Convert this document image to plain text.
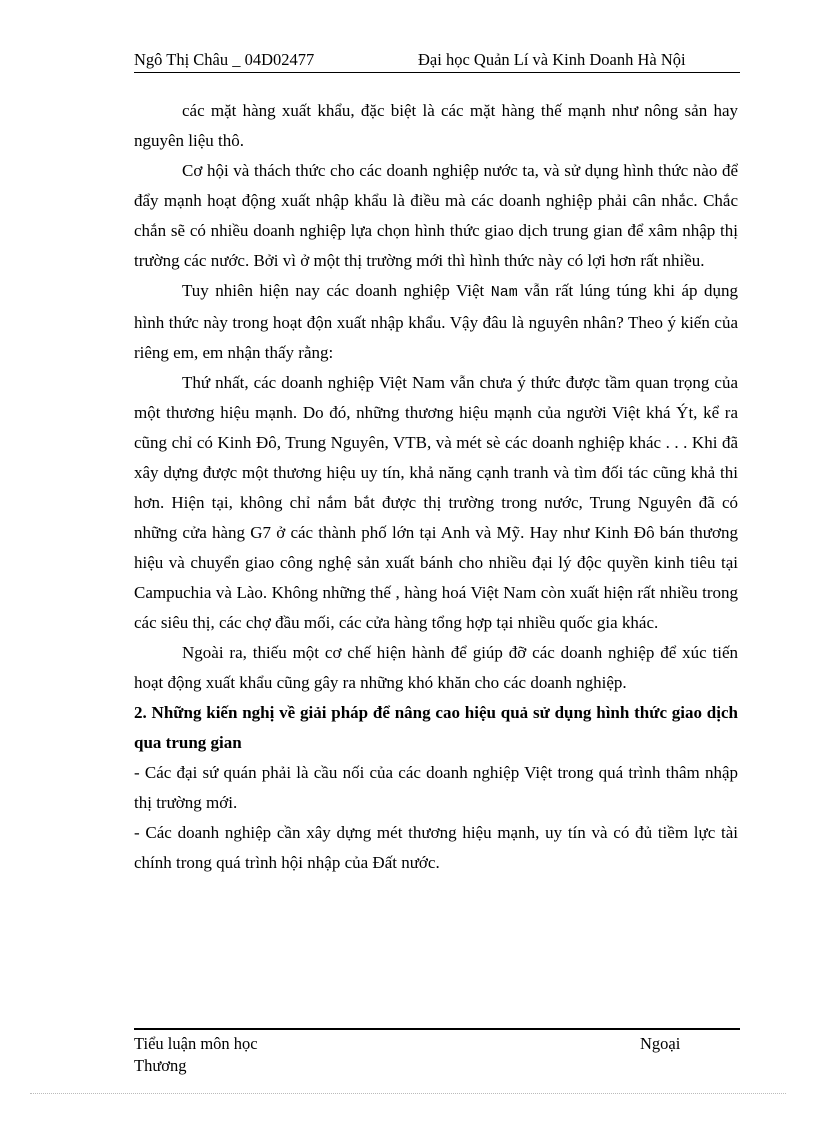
Ngô Thị Châu _ 04D02477	Đại học Quản Lí và Kinh Doanh Hà Nội

các mặt hàng xuất khẩu, đặc biệt là các mặt hàng thế mạnh như nông sản hay nguyên liệu thô.

Cơ hội và thách thức cho các doanh nghiệp nước ta, và sử dụng hình thức nào để đẩy mạnh hoạt động xuất nhập khẩu là điều mà các doanh nghiệp phải cân nhắc. Chắc chắn sẽ có nhiều doanh nghiệp lựa chọn hình thức giao dịch trung gian để xâm nhập thị trường các nước. Bởi vì ở một thị trường mới thì hình thức này có lợi hơn rất nhiều.

Tuy nhiên hiện nay các doanh nghiệp Việt Nam vẫn rất lúng túng khi áp dụng hình thức này trong hoạt độn xuất nhập khẩu. Vậy đâu là nguyên nhân? Theo ý kiến của riêng em, em nhận thấy rằng:

Thứ nhất, các doanh nghiệp Việt Nam vẫn chưa ý thức được tầm quan trọng của một thương hiệu mạnh. Do đó, những thương hiệu mạnh của người Việt khá Ýt, kể ra cũng chỉ có Kinh Đô, Trung Nguyên, VTB, và mét sè các doanh nghiệp khác . . . Khi đã xây dựng được một thương hiệu uy tín, khả năng cạnh tranh và tìm đối tác cũng khả thi hơn. Hiện tại, không chỉ nắm bắt được thị trường trong nước, Trung Nguyên đã có những cửa hàng G7 ở các thành phố lớn tại Anh và Mỹ. Hay như Kinh Đô bán thương hiệu và chuyển giao công nghệ sản xuất bánh cho nhiều đại lý độc quyền kinh tiêu tại Campuchia và Lào. Không những thế , hàng hoá Việt Nam còn xuất hiện rất nhiều trong các siêu thị, các chợ đầu mối, các cửa hàng tổng hợp tại nhiều quốc gia khác.

Ngoài ra, thiếu một cơ chế hiện hành để giúp đỡ các doanh nghiệp để xúc tiến hoạt động xuất khẩu cũng gây ra những khó khăn cho các doanh nghiệp.

2. Những kiến nghị về giải pháp để nâng cao hiệu quả sử dụng hình thức giao dịch qua trung gian

- Các đại sứ quán phải là cầu nối của các doanh nghiệp Việt trong quá trình thâm nhập thị trường mới.

- Các doanh nghiệp cần xây dựng mét thương hiệu mạnh, uy tín và có đủ tiềm lực tài chính trong quá trình hội nhập của Đất nước.

Tiểu luận môn học
Thương
Ngoại
